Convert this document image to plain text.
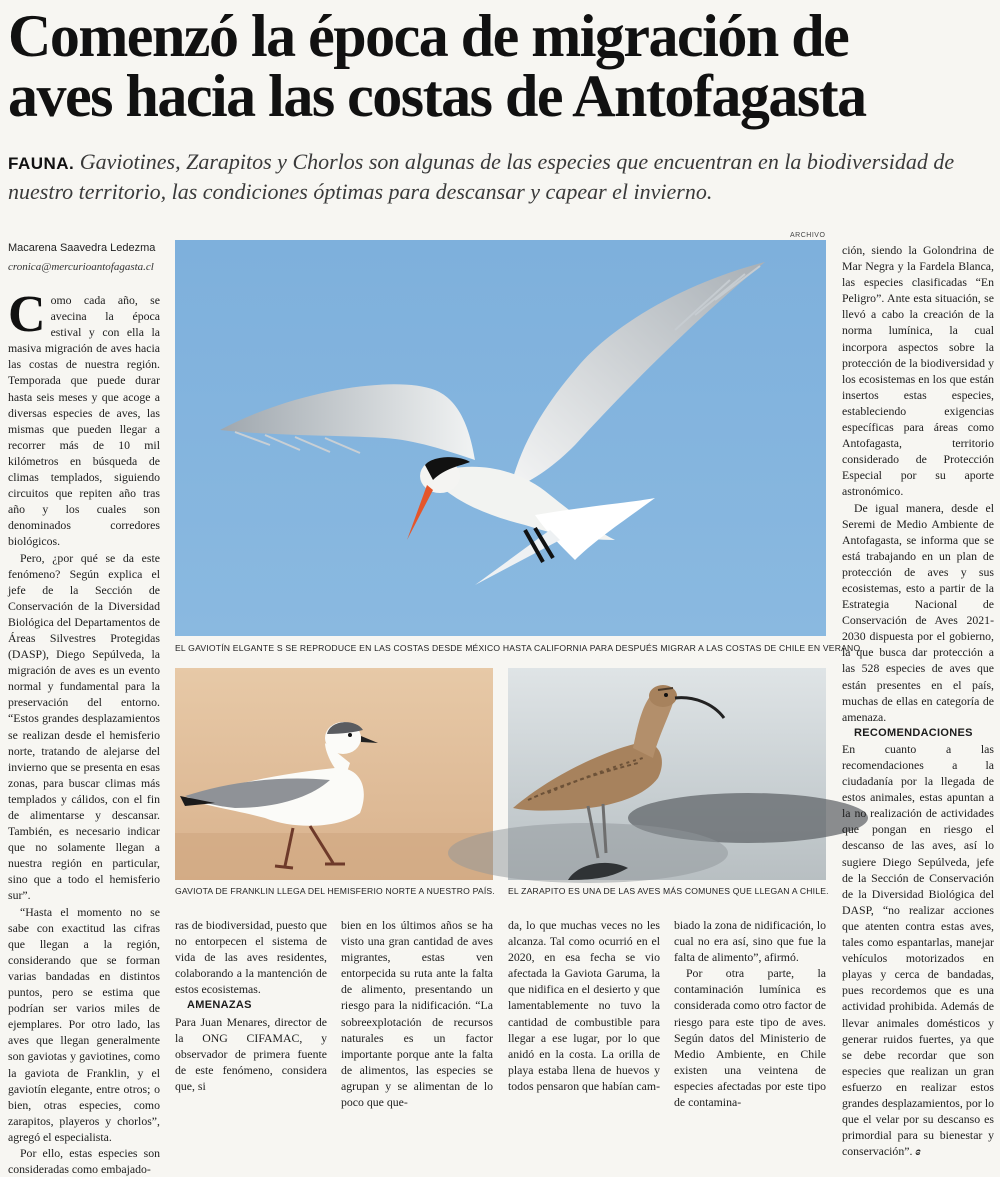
Comenzó la época de migración de
aves hacia las costas de Antofagasta
FAUNA. Gaviotines, Zarapitos y Chorlos son algunas de las especies que encuentran en la biodiversidad de nuestro territorio, las condiciones óptimas para descansar y capear el invierno.
Macarena Saavedra Ledezma
cronica@mercurioantofagasta.cl

Como cada año, se avecina la época estival y con ella la masiva migración de aves hacia las costas de nuestra región. Temporada que puede durar hasta seis meses y que acoge a diversas especies de aves, las mismas que pueden llegar a recorrer más de 10 mil kilómetros en búsqueda de climas templados, siguiendo circuitos que repiten año tras año y los cuales son denominados corredores biológicos.

Pero, ¿por qué se da este fenómeno? Según explica el jefe de la Sección de Conservación de la Diversidad Biológica del Departamentos de Áreas Silvestres Protegidas (DASP), Diego Sepúlveda, la migración de aves es un evento normal y fundamental para la preservación del entorno. “Estos grandes desplazamientos se realizan desde el hemisferio norte, tratando de alejarse del invierno que se presenta en esas zonas, para buscar climas más templados y cálidos, con el fin de alimentarse y descansar. También, es necesario indicar que no solamente llegan a nuestra región en particular, sino que a todo el hemisferio sur”.

“Hasta el momento no se sabe con exactitud las cifras que llegan a la región, considerando que se forman varias bandadas en distintos puntos, pero se estima que podrían ser varios miles de ejemplares. Por otro lado, las aves que llegan generalmente son gaviotas y gaviotines, como la gaviota de Franklin, y el gaviotín elegante, entre otros; o bien, otras especies, como zarapitos, playeros y chorlos”, agregó el especialista.

Por ello, estas especies son consideradas como embajado-

ARCHIVO
EL GAVIOTÍN ELGANTE S SE REPRODUCE EN LAS COSTAS DESDE MÉXICO HASTA CALIFORNIA PARA DESPUÉS MIGRAR A LAS COSTAS DE CHILE EN VERANO.
GAVIOTA DE FRANKLIN LLEGA DEL HEMISFERIO NORTE A NUESTRO PAÍS. EL ZARAPITO ES UNA DE LAS AVES MÁS COMUNES QUE LLEGAN A CHILE.

ras de biodiversidad, puesto que no entorpecen el sistema de vida de las aves residentes, colaborando a la mantención de estos ecosistemas.

AMENAZAS

Para Juan Menares, director de la ONG CIFAMAC, y observador de primera fuente de este fenómeno, considera que, si

bien en los últimos años se ha visto una gran cantidad de aves migrantes, estas ven entorpecida su ruta ante la falta de alimento, presentando un riesgo para la nidificación. “La sobreexplotación de recursos naturales es un factor importante porque ante la falta de alimentos, las especies se agrupan y se alimentan de lo poco que que-

da, lo que muchas veces no les alcanza. Tal como ocurrió en el 2020, en esa fecha se vio afectada la Gaviota Garuma, la que nidifica en el desierto y que lamentablemente no tuvo la cantidad de combustible para llegar a ese lugar, por lo que anidó en la costa. La orilla de playa estaba llena de huevos y todos pensaron que habían cam-

biado la zona de nidificación, lo cual no era así, sino que fue la falta de alimento”, afirmó.

Por otra parte, la contaminación lumínica es considerada como otro factor de riesgo para este tipo de aves. Según datos del Ministerio de Medio Ambiente, en Chile existen una veintena de especies afectadas por este tipo de contamina-

ción, siendo la Golondrina de Mar Negra y la Fardela Blanca, las especies clasificadas “En Peligro”. Ante esta situación, se llevó a cabo la creación de la norma lumínica, la cual incorpora aspectos sobre la protección de la biodiversidad y los ecosistemas en los que están insertos estas especies, estableciendo exigencias específicas para áreas como Antofagasta, territorio considerado de Protección Especial por su aporte astronómico.

De igual manera, desde el Seremi de Medio Ambiente de Antofagasta, se informa que se está trabajando en un plan de protección de aves y sus ecosistemas, esto a partir de la Estrategia Nacional de Conservación de Aves 2021-2030 dispuesta por el gobierno, la que busca dar protección a las 528 especies de aves que están presentes en el país, muchas de ellas en categoría de amenaza.

RECOMENDACIONES

En cuanto a las recomendaciones a la ciudadanía por la llegada de estos animales, estas apuntan a la no realización de actividades que pongan en riesgo el descanso de las aves, así lo sugiere Diego Sepúlveda, jefe de la Sección de Conservación de la Diversidad Biológica del DASP, “no realizar acciones que atenten contra estas aves, tales como espantarlas, manejar vehículos motorizados en playas y cerca de bandadas, pues recordemos que es una actividad prohibida. Además de llevar animales domésticos y generar ruidos fuertes, ya que se debe recordar que son especies que realizan un gran esfuerzo en realizar estos grandes desplazamientos, por lo que el velar por su descanso es primordial para su bienestar y conservación”. ɞ
